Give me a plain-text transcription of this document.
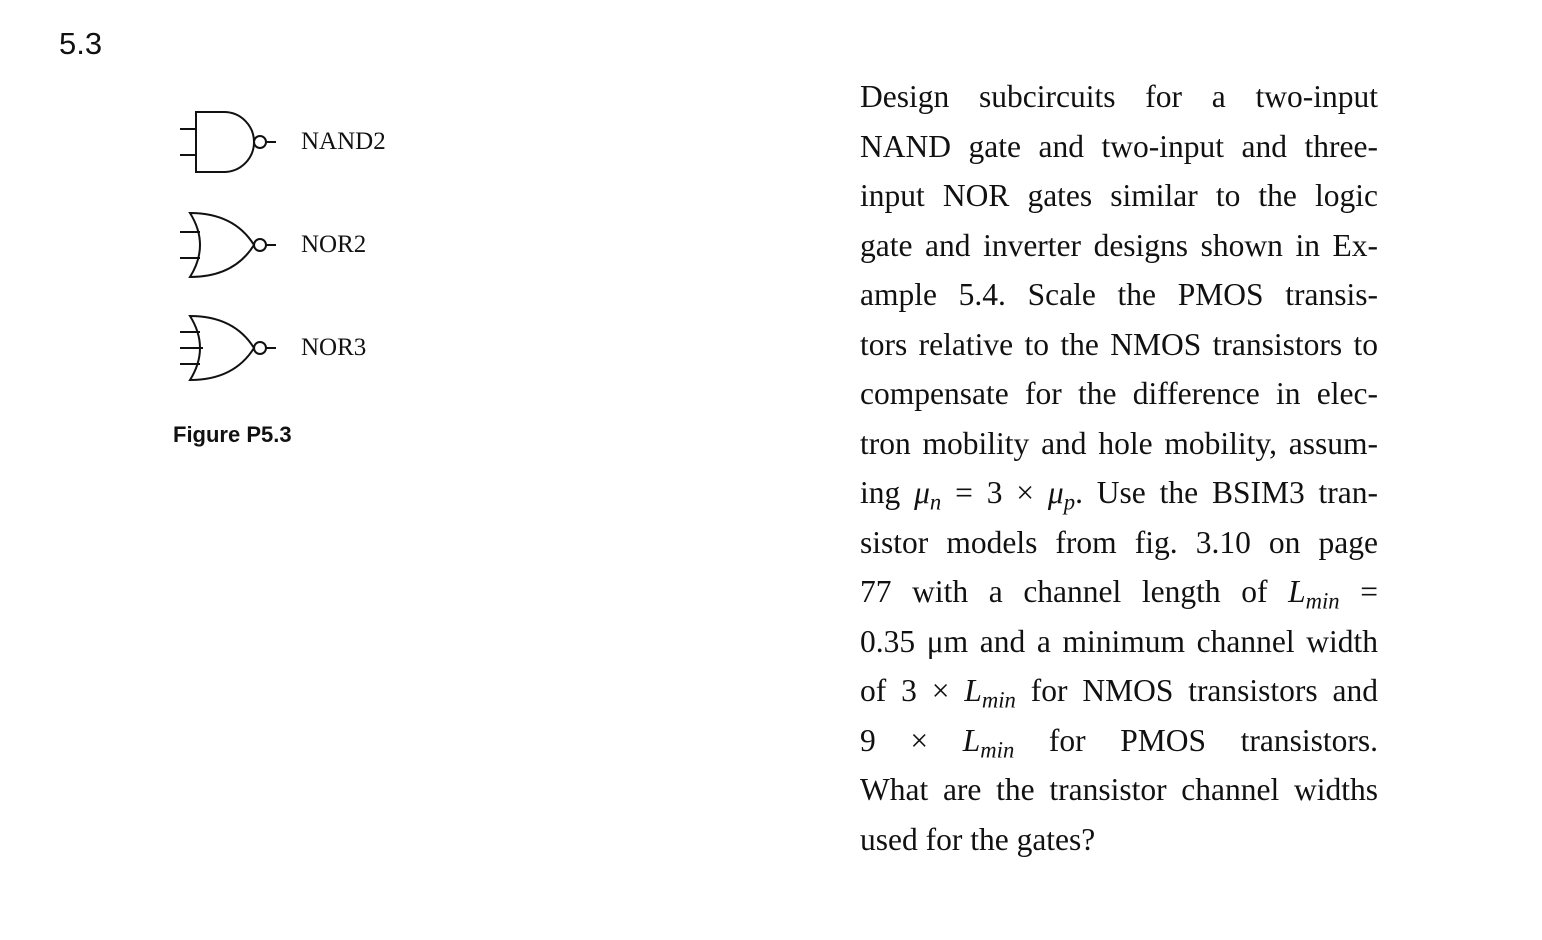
5.3
NAND2
NOR2
NOR3
Figure P5.3
Design subcircuits for a two-input
NAND gate and two-input and three-
input NOR gates similar to the logic
gate and inverter designs shown in Ex-
ample 5.4. Scale the PMOS transis-
tors relative to the NMOS transistors to
compensate for the difference in elec-
tron mobility and hole mobility, assum-
ing $\mu_n = 3 \times \mu_p$. Use the BSIM3 tran-
sistor models from fig. 3.10 on page
77 with a channel length of $L_{min}$ =
0.35 μm and a minimum channel width
of $3 \times L_{min}$ for NMOS transistors and
$9 \times L_{min}$ for PMOS transistors.
What are the transistor channel widths
used for the gates?
